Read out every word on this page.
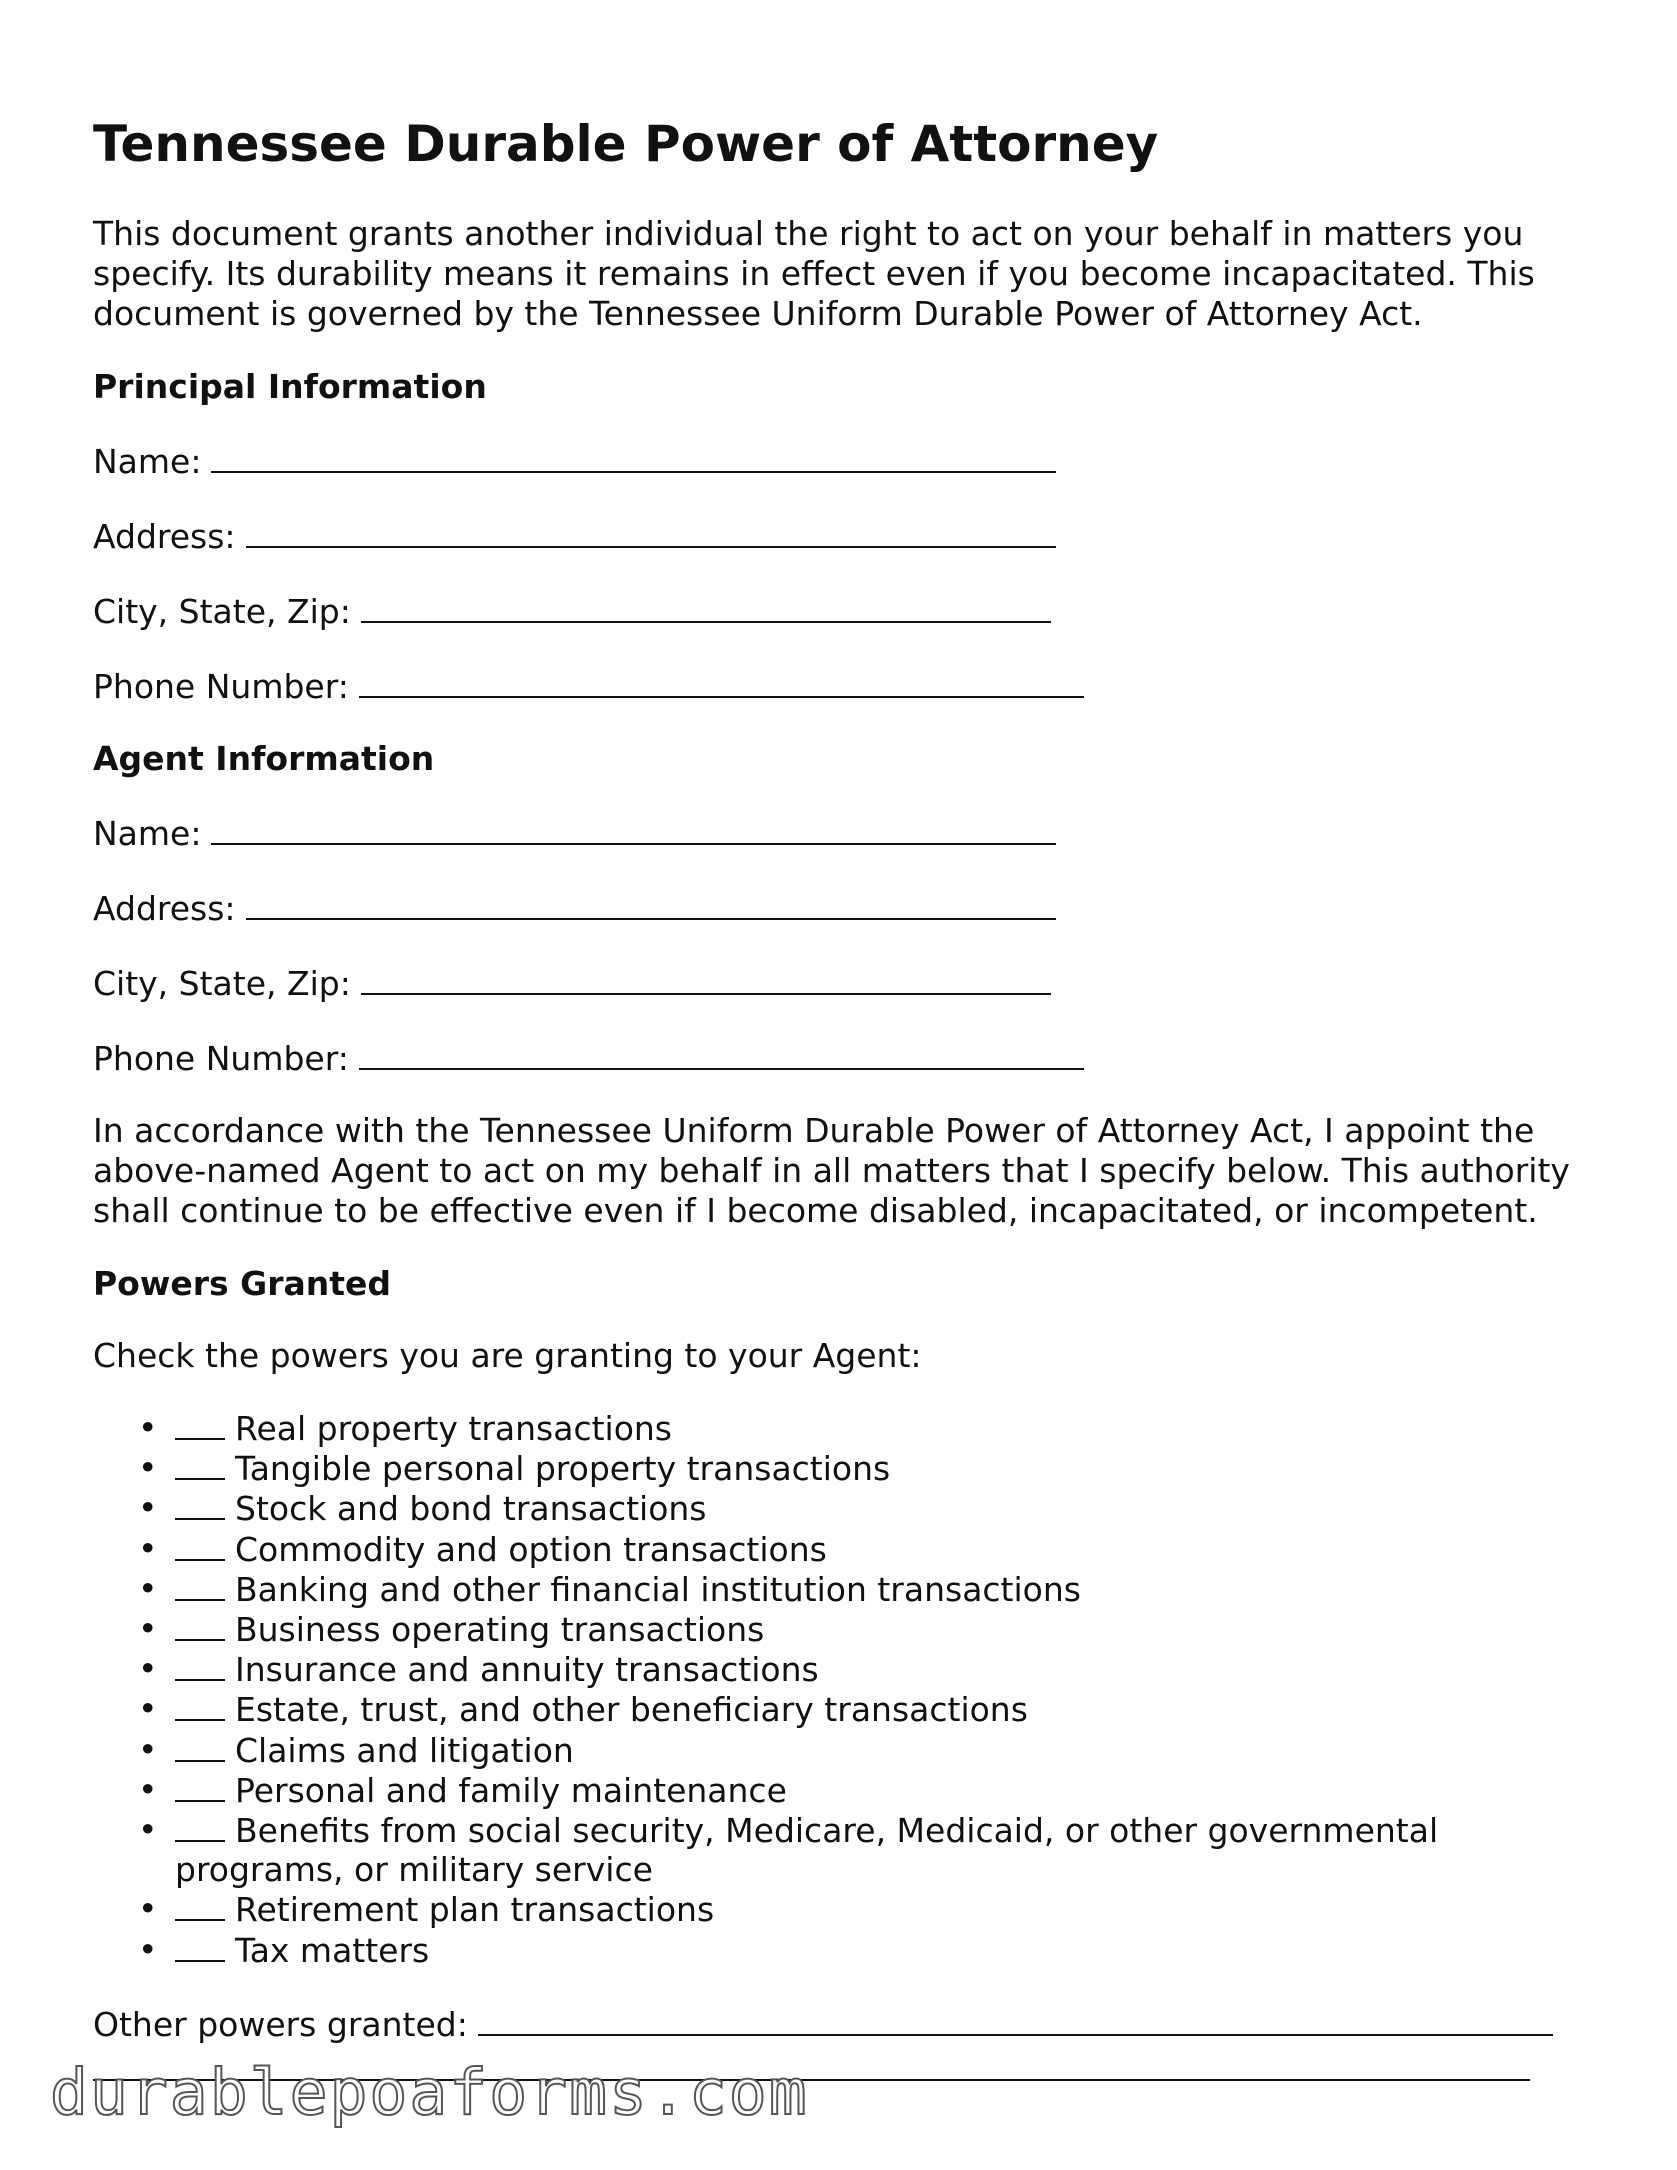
Tennessee Durable Power of Attorney

This document grants another individual the right to act on your behalf in matters you specify. Its durability means it remains in effect even if you become incapacitated. This document is governed by the Tennessee Uniform Durable Power of Attorney Act.

Principal Information
Name:
Address:
City, State, Zip:
Phone Number:
Agent Information
Name:
Address:
City, State, Zip:
Phone Number:

In accordance with the Tennessee Uniform Durable Power of Attorney Act, I appoint the above-named Agent to act on my behalf in all matters that I specify below. This authority shall continue to be effective even if I become disabled, incapacitated, or incompetent.

Powers Granted

Check the powers you are granting to your Agent:

• Real property transactions
• Tangible personal property transactions
• Stock and bond transactions
• Commodity and option transactions
• Banking and other financial institution transactions
• Business operating transactions
• Insurance and annuity transactions
• Estate, trust, and other beneficiary transactions
• Claims and litigation
• Personal and family maintenance
• Benefits from social security, Medicare, Medicaid, or other governmental programs, or military service
• Retirement plan transactions
• Tax matters
Other powers granted:
durablepoaforms.com
